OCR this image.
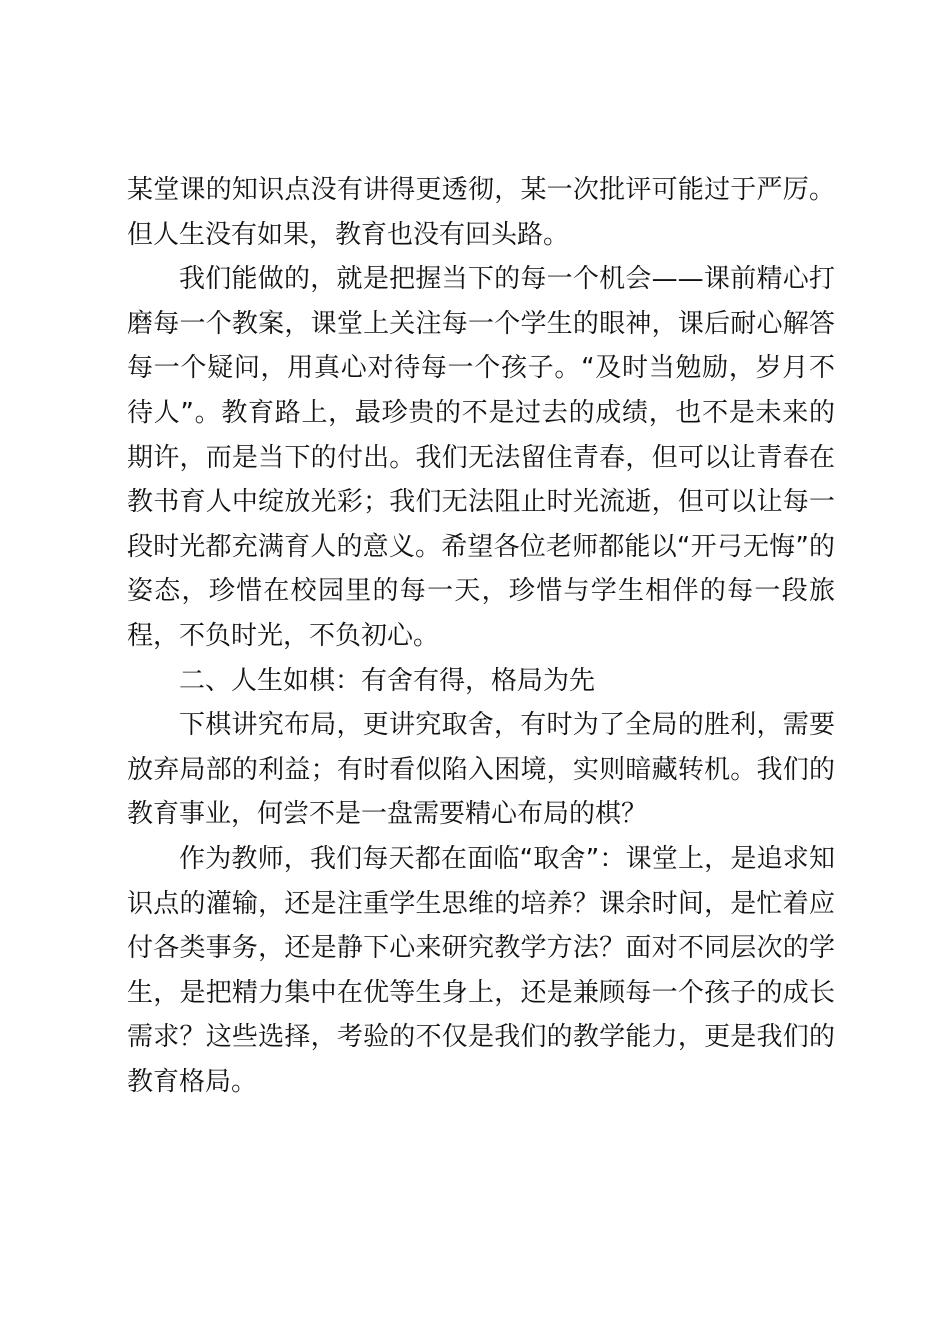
某堂课的知识点没有讲得更透彻，某一次批评可能过于严厉。但人生没有如果，教育也没有回头路。

我们能做的，就是把握当下的每一个机会——课前精心打磨每一个教案，课堂上关注每一个学生的眼神，课后耐心解答每一个疑问，用真心对待每一个孩子。“及时当勉励，岁月不待人”。教育路上，最珍贵的不是过去的成绩，也不是未来的期许，而是当下的付出。我们无法留住青春，但可以让青春在教书育人中绽放光彩；我们无法阻止时光流逝，但可以让每一段时光都充满育人的意义。希望各位老师都能以“开弓无悔”的姿态，珍惜在校园里的每一天，珍惜与学生相伴的每一段旅程，不负时光，不负初心。

二、人生如棋：有舍有得，格局为先

下棋讲究布局，更讲究取舍，有时为了全局的胜利，需要放弃局部的利益；有时看似陷入困境，实则暗藏转机。我们的教育事业，何尝不是一盘需要精心布局的棋？

作为教师，我们每天都在面临“取舍”：课堂上，是追求知识点的灌输，还是注重学生思维的培养？课余时间，是忙着应付各类事务，还是静下心来研究教学方法？面对不同层次的学生，是把精力集中在优等生身上，还是兼顾每一个孩子的成长需求？这些选择，考验的不仅是我们的教学能力，更是我们的教育格局。
